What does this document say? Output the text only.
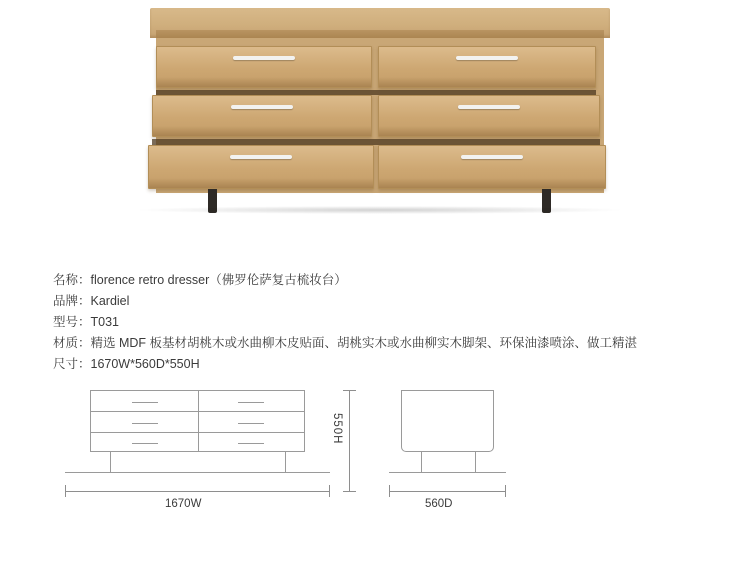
名称：florence retro dresser（佛罗伦萨复古梳妆台）
品牌：Kardiel
型号：T031
材质：精选 MDF 板基材胡桃木或水曲柳木皮贴面、胡桃实木或水曲柳实木脚架、环保油漆喷涂、做工精湛
尺寸：1670W*560D*550H
1670W
550H
560D
